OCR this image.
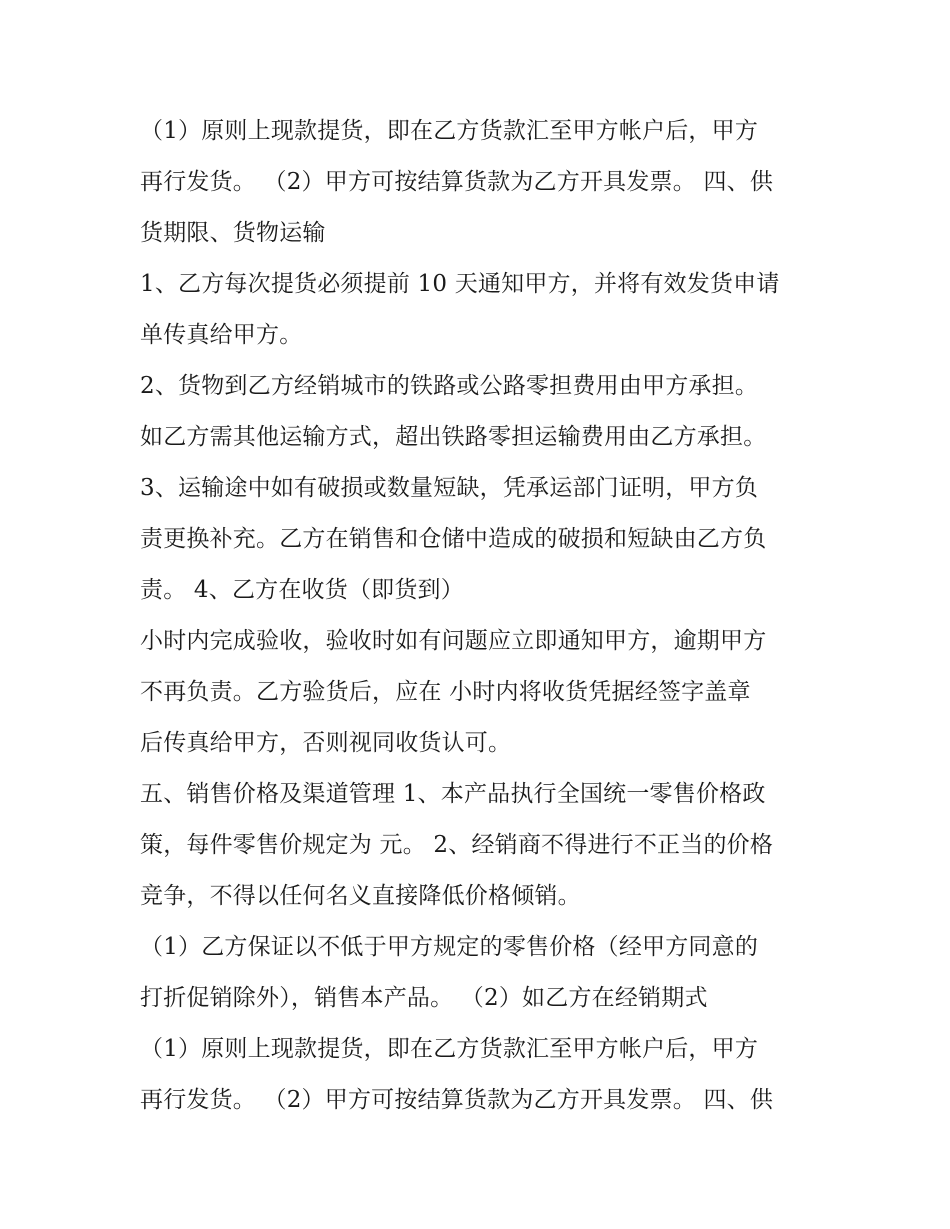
（1）原则上现款提货，即在乙方货款汇至甲方帐户后，甲方
再行发货。 （2）甲方可按结算货款为乙方开具发票。 四、供
货期限、货物运输
1、乙方每次提货必须提前 10 天通知甲方，并将有效发货申请
单传真给甲方。
2、货物到乙方经销城市的铁路或公路零担费用由甲方承担。
如乙方需其他运输方式，超出铁路零担运输费用由乙方承担。
3、运输途中如有破损或数量短缺，凭承运部门证明，甲方负
责更换补充。乙方在销售和仓储中造成的破损和短缺由乙方负
责。 4、乙方在收货（即货到）
小时内完成验收，验收时如有问题应立即通知甲方，逾期甲方
不再负责。乙方验货后，应在 小时内将收货凭据经签字盖章
后传真给甲方，否则视同收货认可。
五、销售价格及渠道管理 1、本产品执行全国统一零售价格政
策，每件零售价规定为 元。 2、经销商不得进行不正当的价格
竞争，不得以任何名义直接降低价格倾销。
（1）乙方保证以不低于甲方规定的零售价格（经甲方同意的
打折促销除外），销售本产品。 （2）如乙方在经销期式
（1）原则上现款提货，即在乙方货款汇至甲方帐户后，甲方
再行发货。 （2）甲方可按结算货款为乙方开具发票。 四、供
